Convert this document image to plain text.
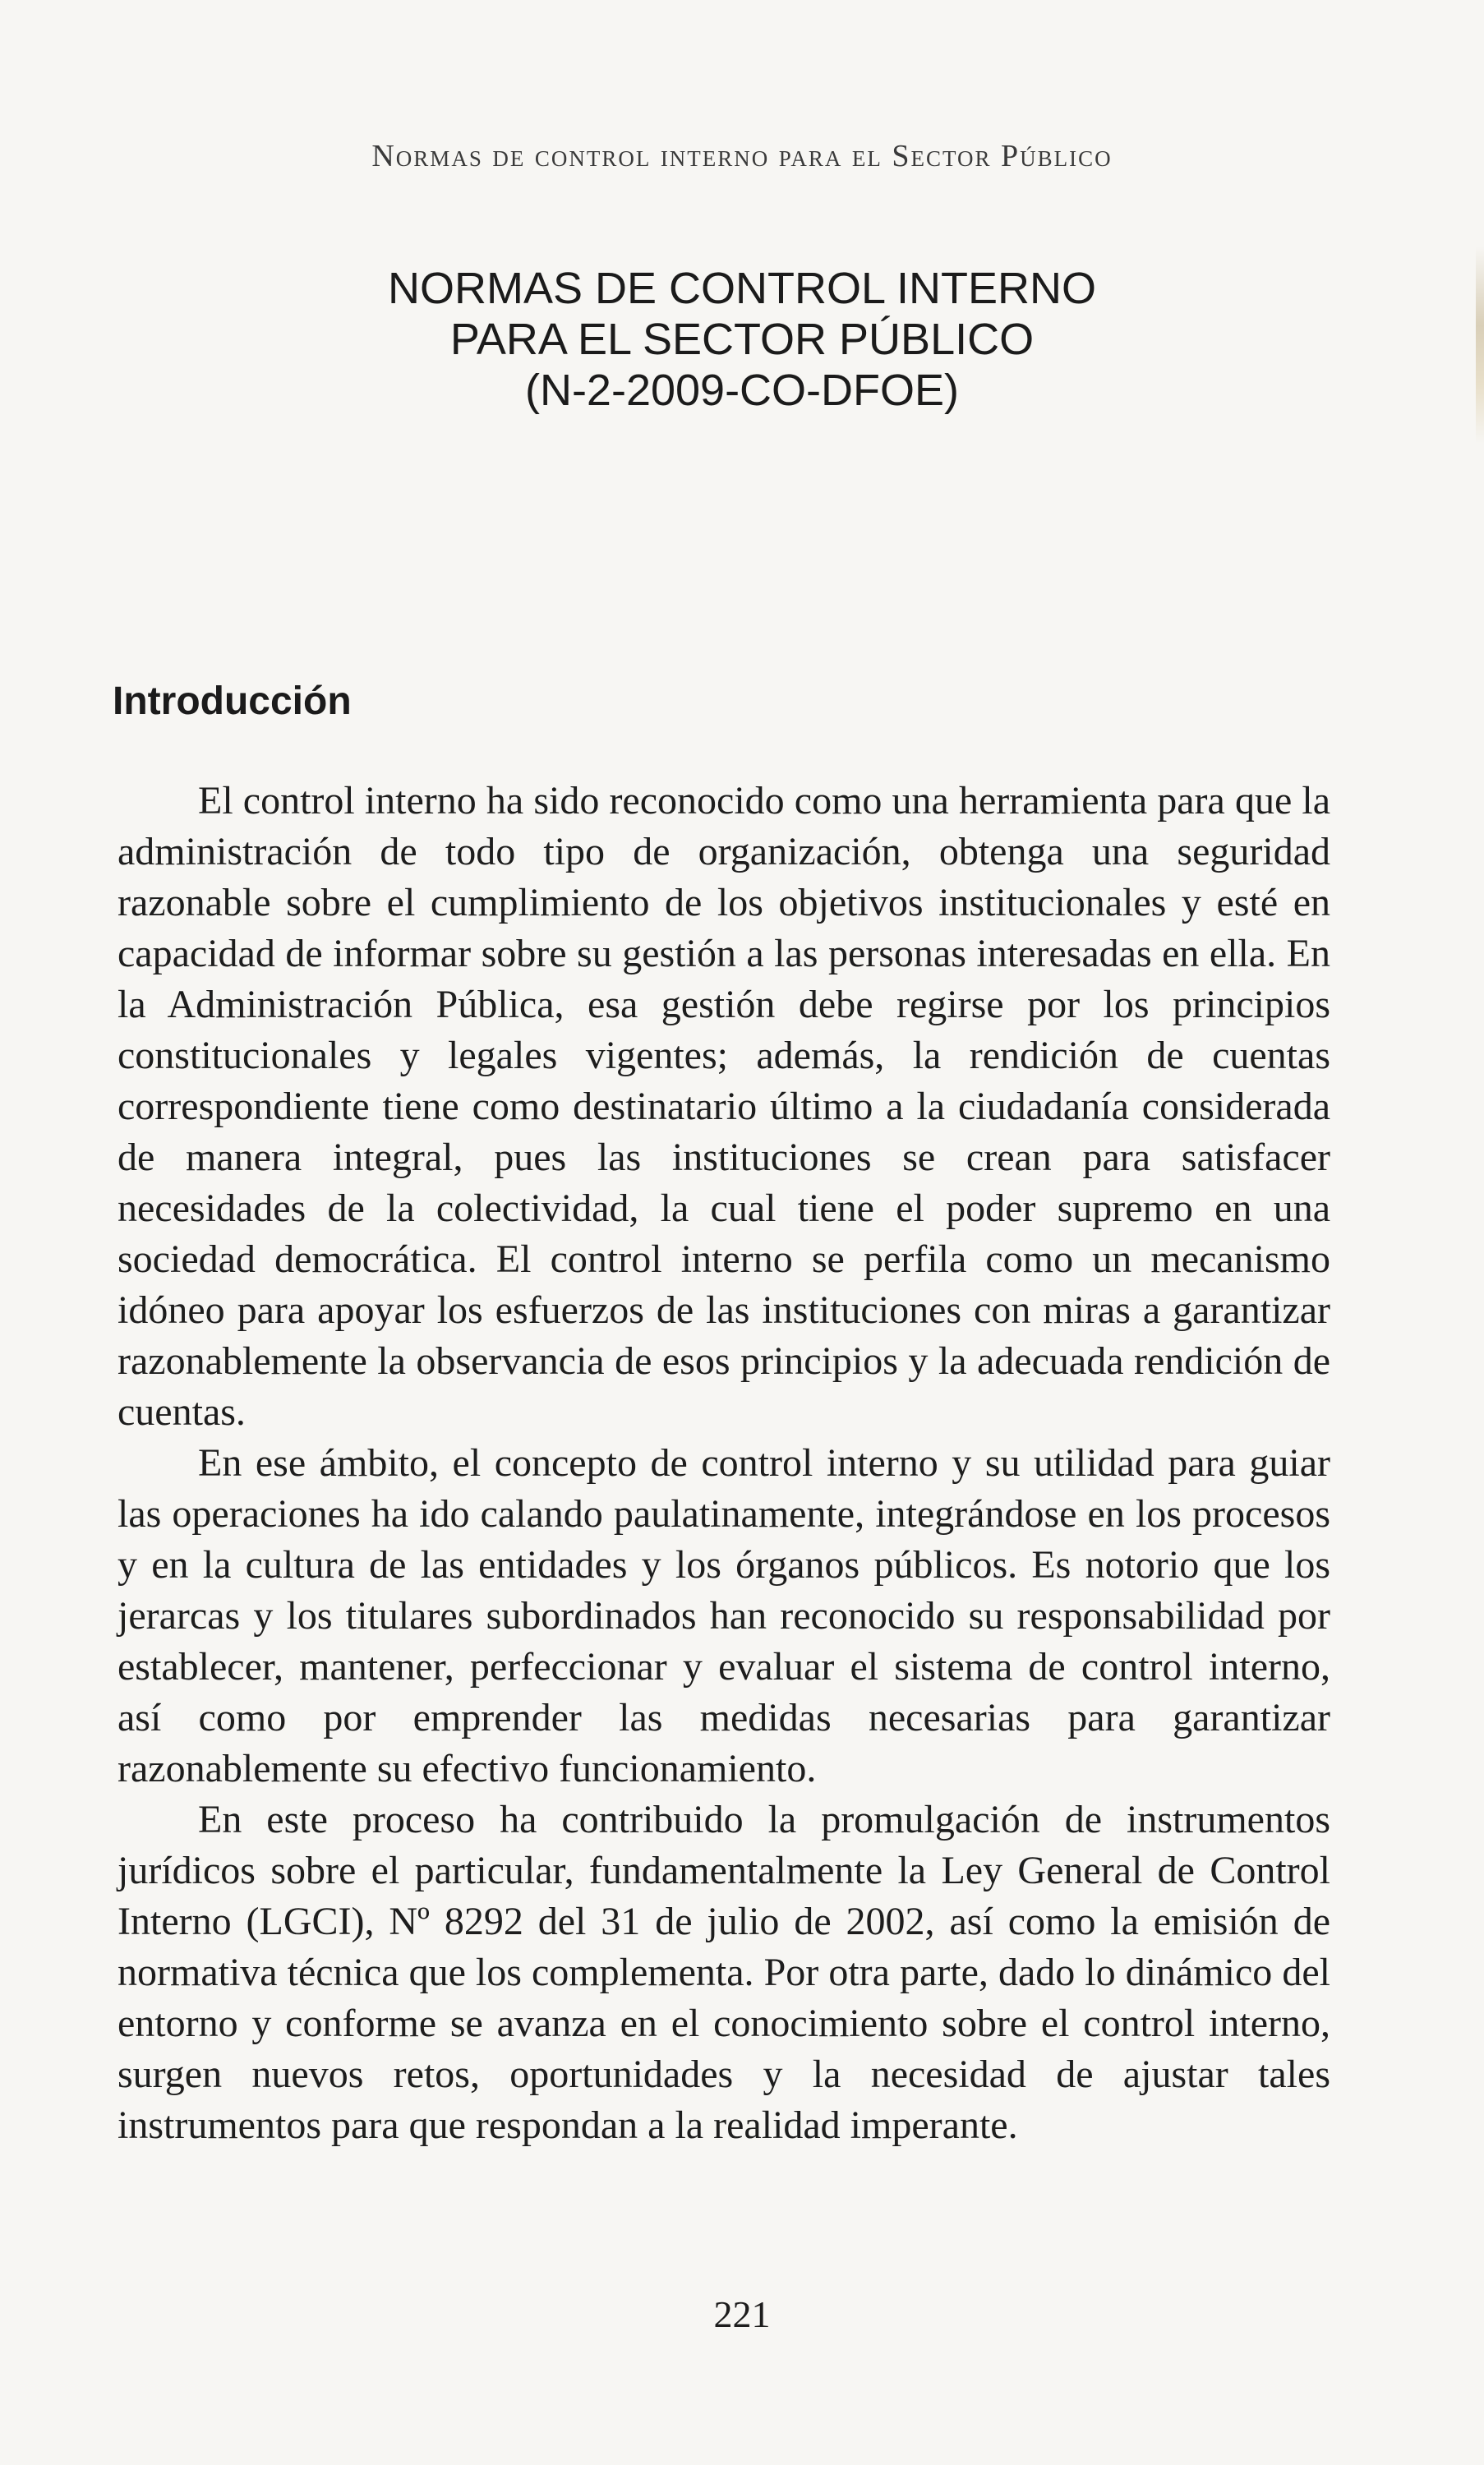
Normas de control interno para el Sector Público
NORMAS DE CONTROL INTERNO
PARA EL SECTOR PÚBLICO
(N-2-2009-CO-DFOE)
Introducción

El control interno ha sido reconocido como una herramienta para que la administración de todo tipo de organización, obtenga una seguridad razonable sobre el cumplimiento de los objetivos institucionales y esté en capacidad de informar sobre su gestión a las personas interesadas en ella. En la Administración Pública, esa gestión debe regirse por los principios constitucionales y legales vigentes; además, la rendición de cuentas correspondiente tiene como destinatario último a la ciudadanía considerada de manera integral, pues las instituciones se crean para satisfacer necesidades de la colectividad, la cual tiene el poder supremo en una sociedad democrática. El control interno se perfila como un mecanismo idóneo para apoyar los esfuerzos de las instituciones con miras a garantizar razonablemente la observancia de esos principios y la adecuada rendición de cuentas.

En ese ámbito, el concepto de control interno y su utilidad para guiar las operaciones ha ido calando paulatinamente, integrándose en los procesos y en la cultura de las entidades y los órganos públicos. Es notorio que los jerarcas y los titulares subordinados han reconocido su responsabilidad por establecer, mantener, perfeccionar y evaluar el sistema de control interno, así como por emprender las medidas necesarias para garantizar razonablemente su efectivo funcionamiento.

En este proceso ha contribuido la promulgación de instrumentos jurídicos sobre el particular, fundamentalmente la Ley General de Control Interno (LGCI), Nº 8292 del 31 de julio de 2002, así como la emisión de normativa técnica que los complementa. Por otra parte, dado lo dinámico del entorno y conforme se avanza en el conocimiento sobre el control interno, surgen nuevos retos, oportunidades y la necesidad de ajustar tales instrumentos para que respondan a la realidad imperante.

221
